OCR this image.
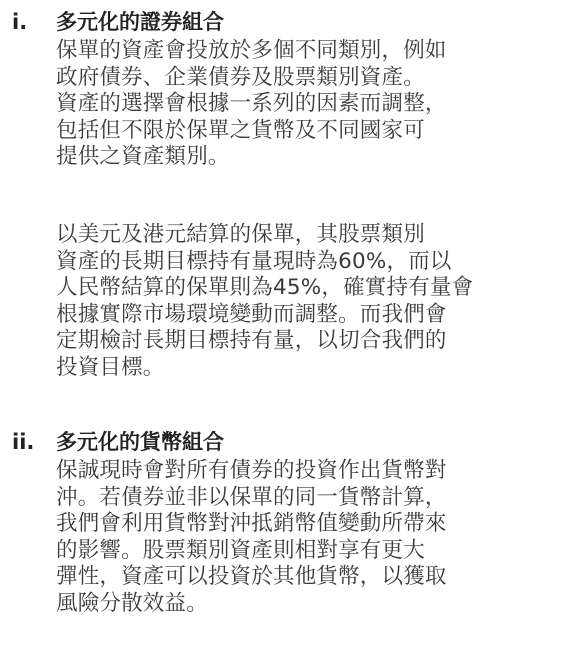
i. 多元化的證券組合
保單的資產會投放於多個不同類別，例如
政府債券、企業債券及股票類別資產。
資產的選擇會根據一系列的因素而調整，
包括但不限於保單之貨幣及不同國家可
提供之資產類別。
以美元及港元結算的保單，其股票類別
資產的長期目標持有量現時為60%，而以
人民幣結算的保單則為45%，確實持有量會
根據實際市場環境變動而調整。而我們會
定期檢討長期目標持有量，以切合我們的
投資目標。
ii. 多元化的貨幣組合
保誠現時會對所有債券的投資作出貨幣對
沖。若債券並非以保單的同一貨幣計算，
我們會利用貨幣對沖抵銷幣值變動所帶來
的影響。股票類別資產則相對享有更大
彈性，資產可以投資於其他貨幣，以獲取
風險分散效益。
